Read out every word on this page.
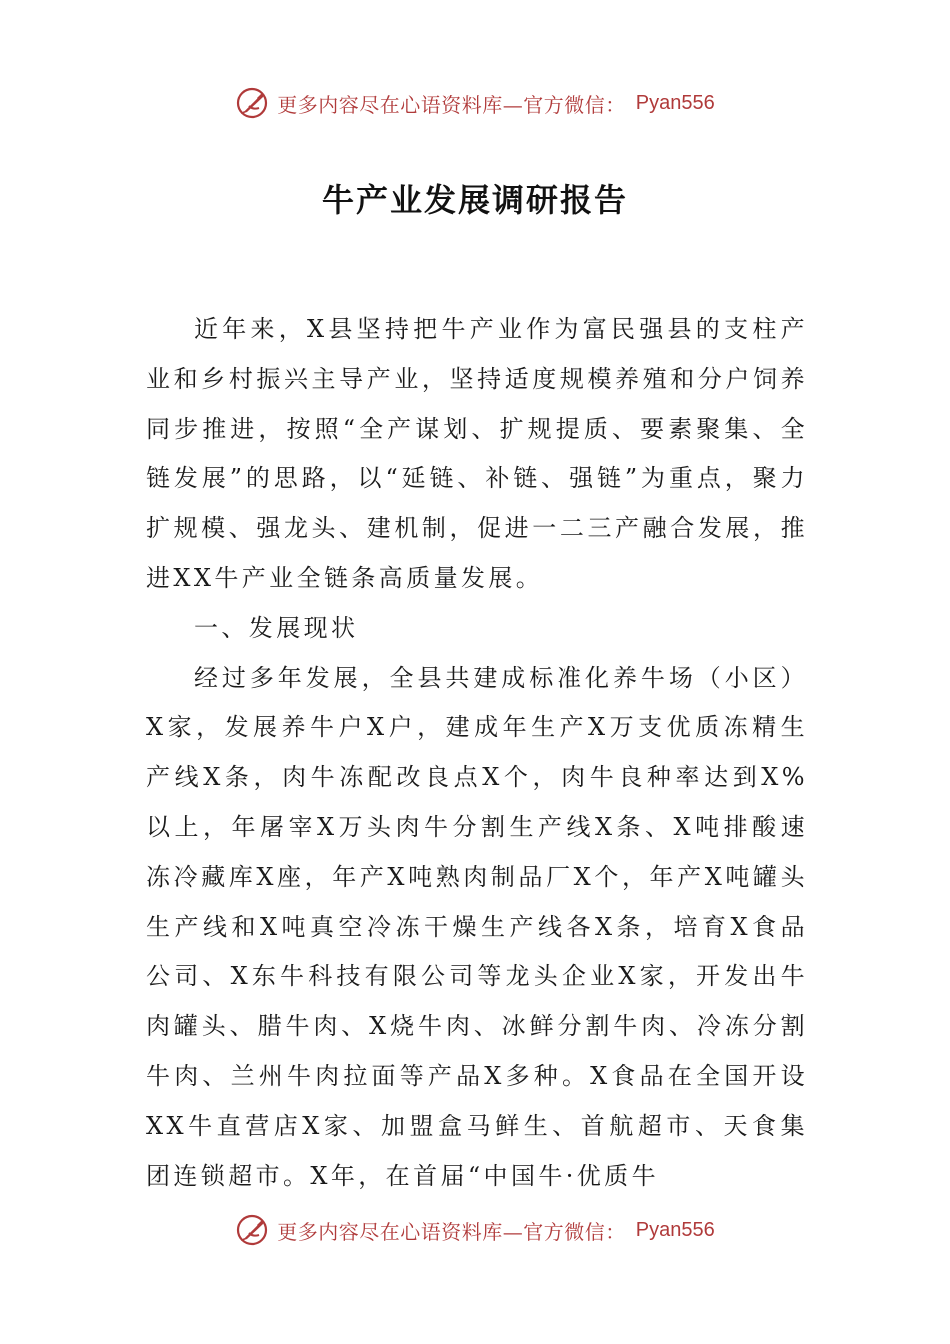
更多内容尽在心语资料库—官方微信： Pyan556
牛产业发展调研报告

近年来，X县坚持把牛产业作为富民强县的支柱产业和乡村振兴主导产业，坚持适度规模养殖和分户饲养同步推进，按照“全产谋划、扩规提质、要素聚集、全链发展”的思路，以“延链、补链、强链”为重点，聚力扩规模、强龙头、建机制，促进一二三产融合发展，推进XX牛产业全链条高质量发展。

一、发展现状

经过多年发展，全县共建成标准化养牛场（小区）X家，发展养牛户X户，建成年生产X万支优质冻精生产线X条，肉牛冻配改良点X个，肉牛良种率达到X%以上，年屠宰X万头肉牛分割生产线X条、X吨排酸速冻冷藏库X座，年产X吨熟肉制品厂X个，年产X吨罐头生产线和X吨真空冷冻干燥生产线各X条，培育X食品公司、X东牛科技有限公司等龙头企业X家，开发出牛肉罐头、腊牛肉、X烧牛肉、冰鲜分割牛肉、冷冻分割牛肉、兰州牛肉拉面等产品X多种。X食品在全国开设XX牛直营店X家、加盟盒马鲜生、首航超市、天食集团连锁超市。X年，在首届“中国牛·优质牛

更多内容尽在心语资料库—官方微信： Pyan556
